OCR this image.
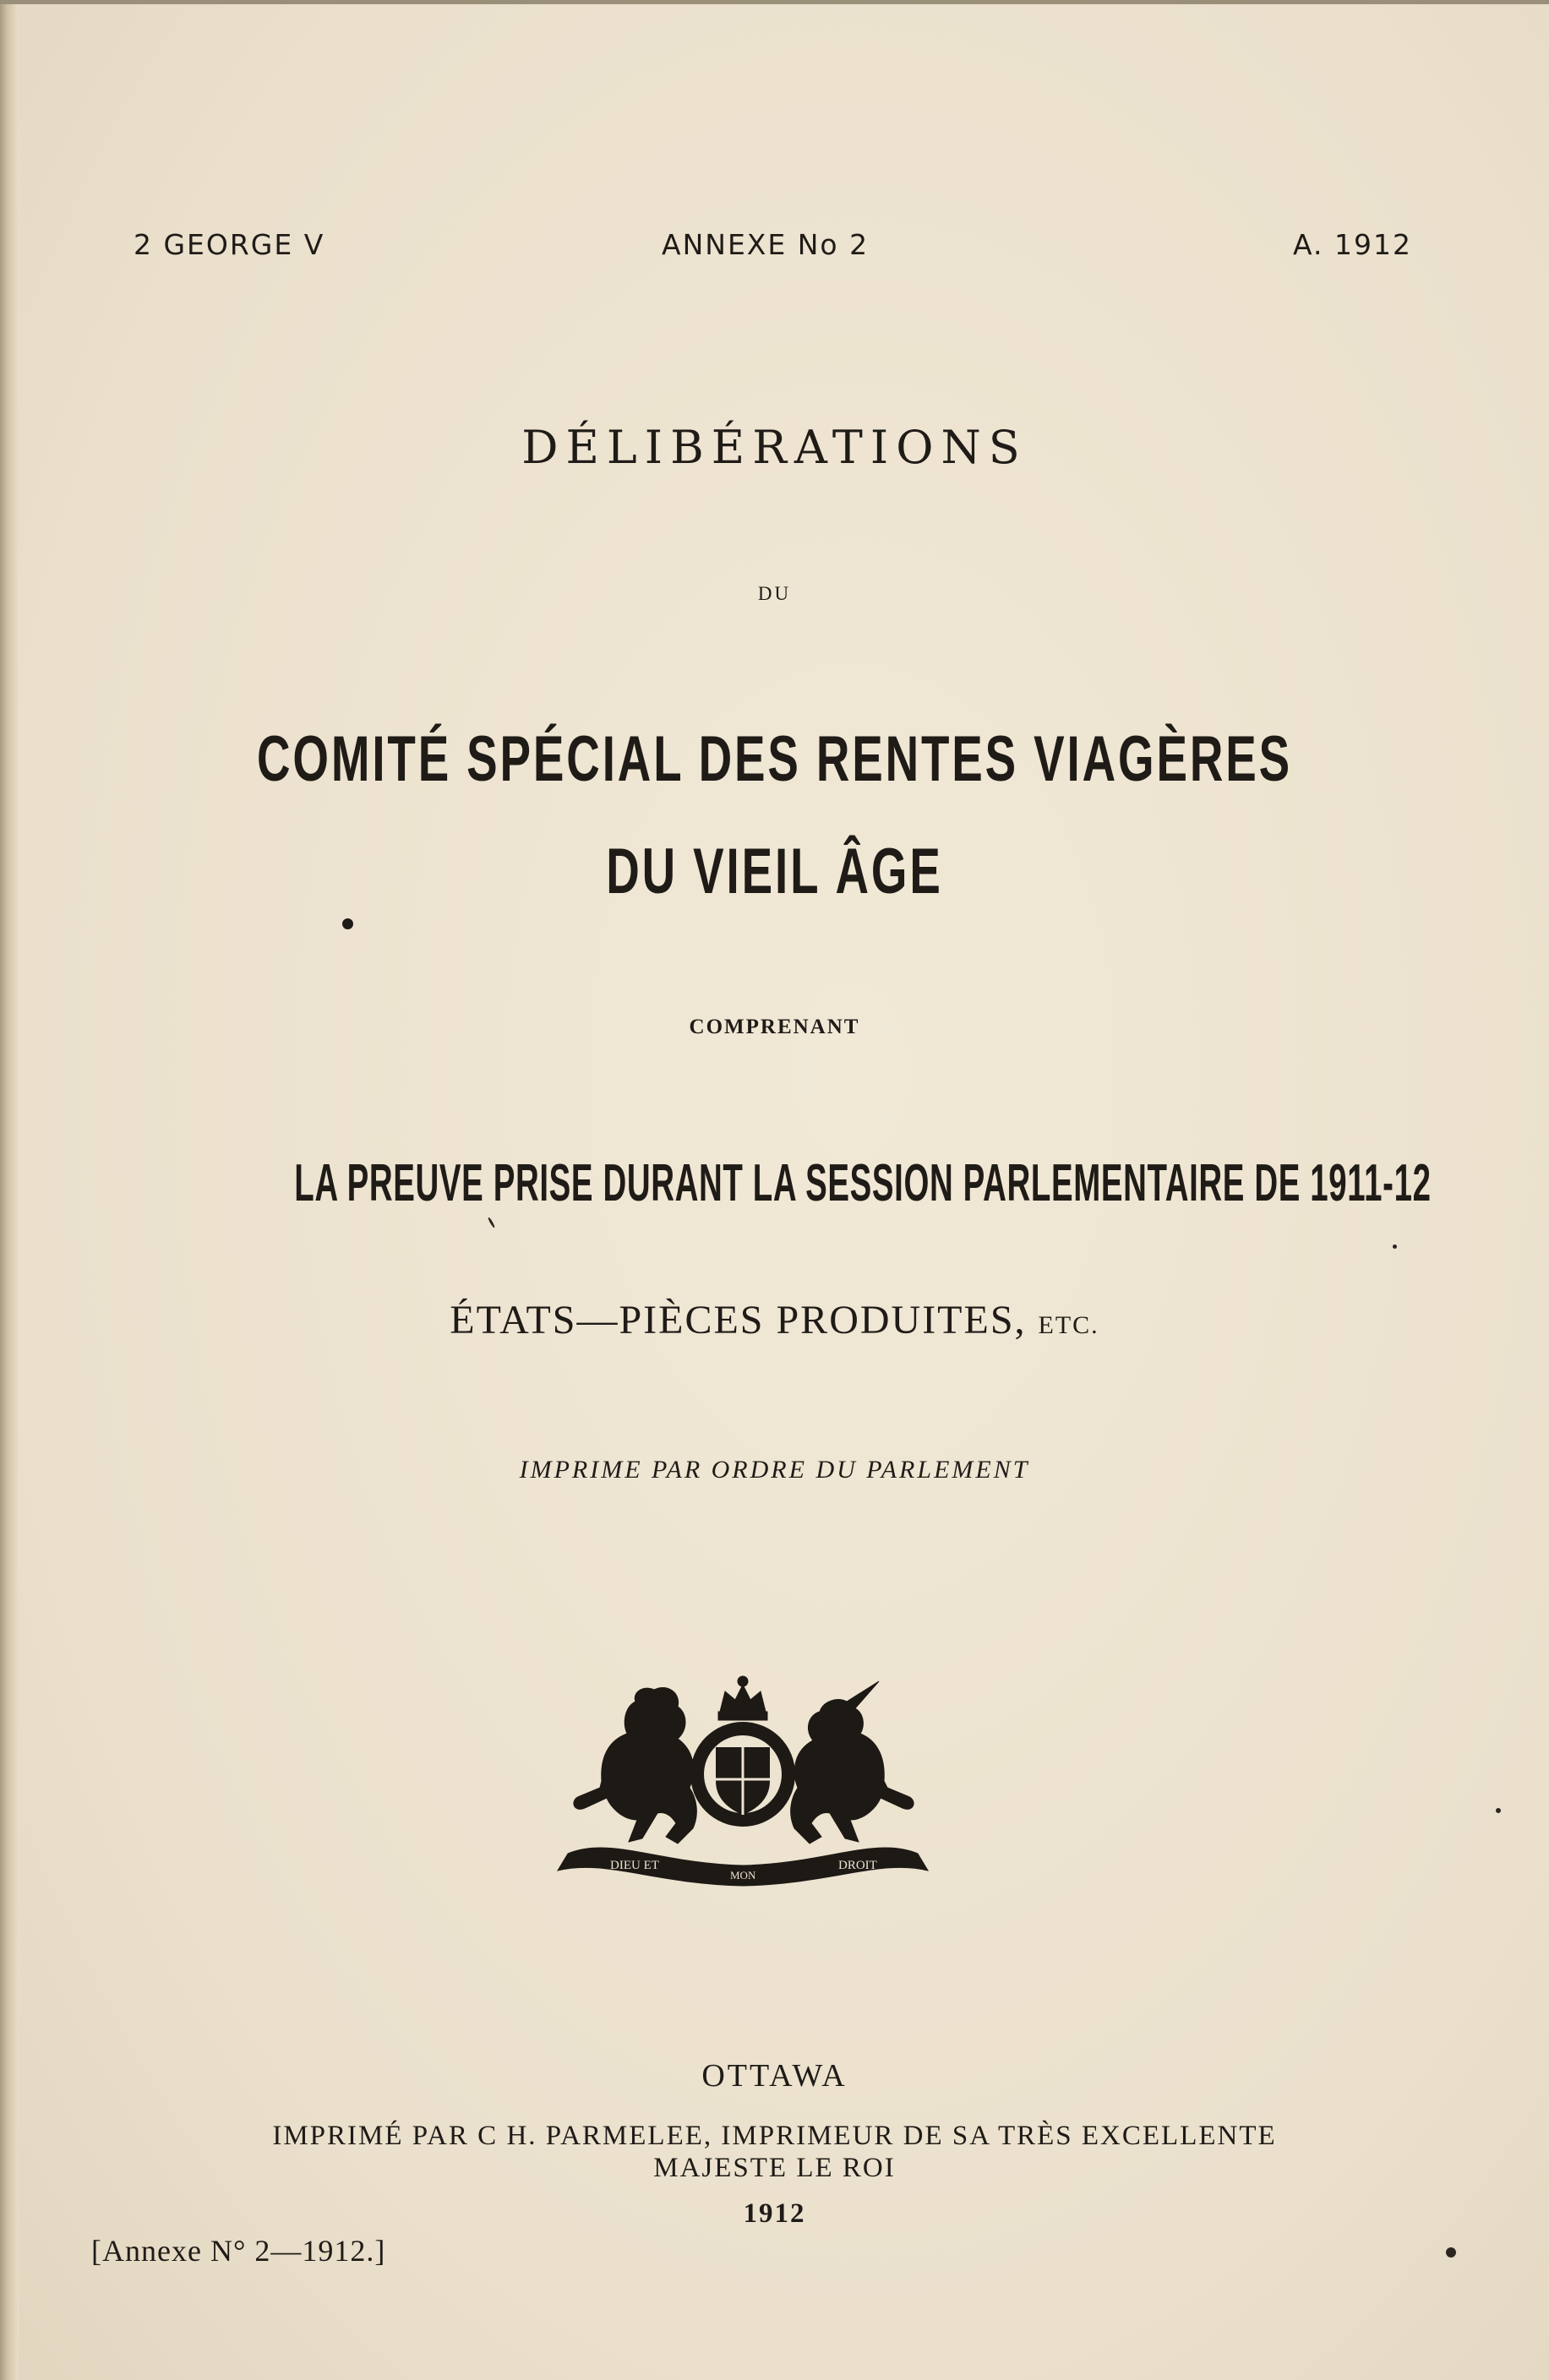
2 GEORGE V	ANNEXE No 2	A. 1912
DÉLIBÉRATIONS
DU
COMITÉ SPÉCIAL DES RENTES VIAGÈRES
DU VIEIL ÂGE
COMPRENANT
LA PREUVE PRISE DURANT LA SESSION PARLEMENTAIRE DE 1911-12
ÉTATS—PIÈCES PRODUITES, ETC.
IMPRIME PAR ORDRE DU PARLEMENT
DIEU ET
MON
DROIT
OTTAWA
IMPRIMÉ PAR C H. PARMELEE, IMPRIMEUR DE SA TRÈS EXCELLENTE
MAJESTE LE ROI
1912
[Annexe N° 2—1912.]
